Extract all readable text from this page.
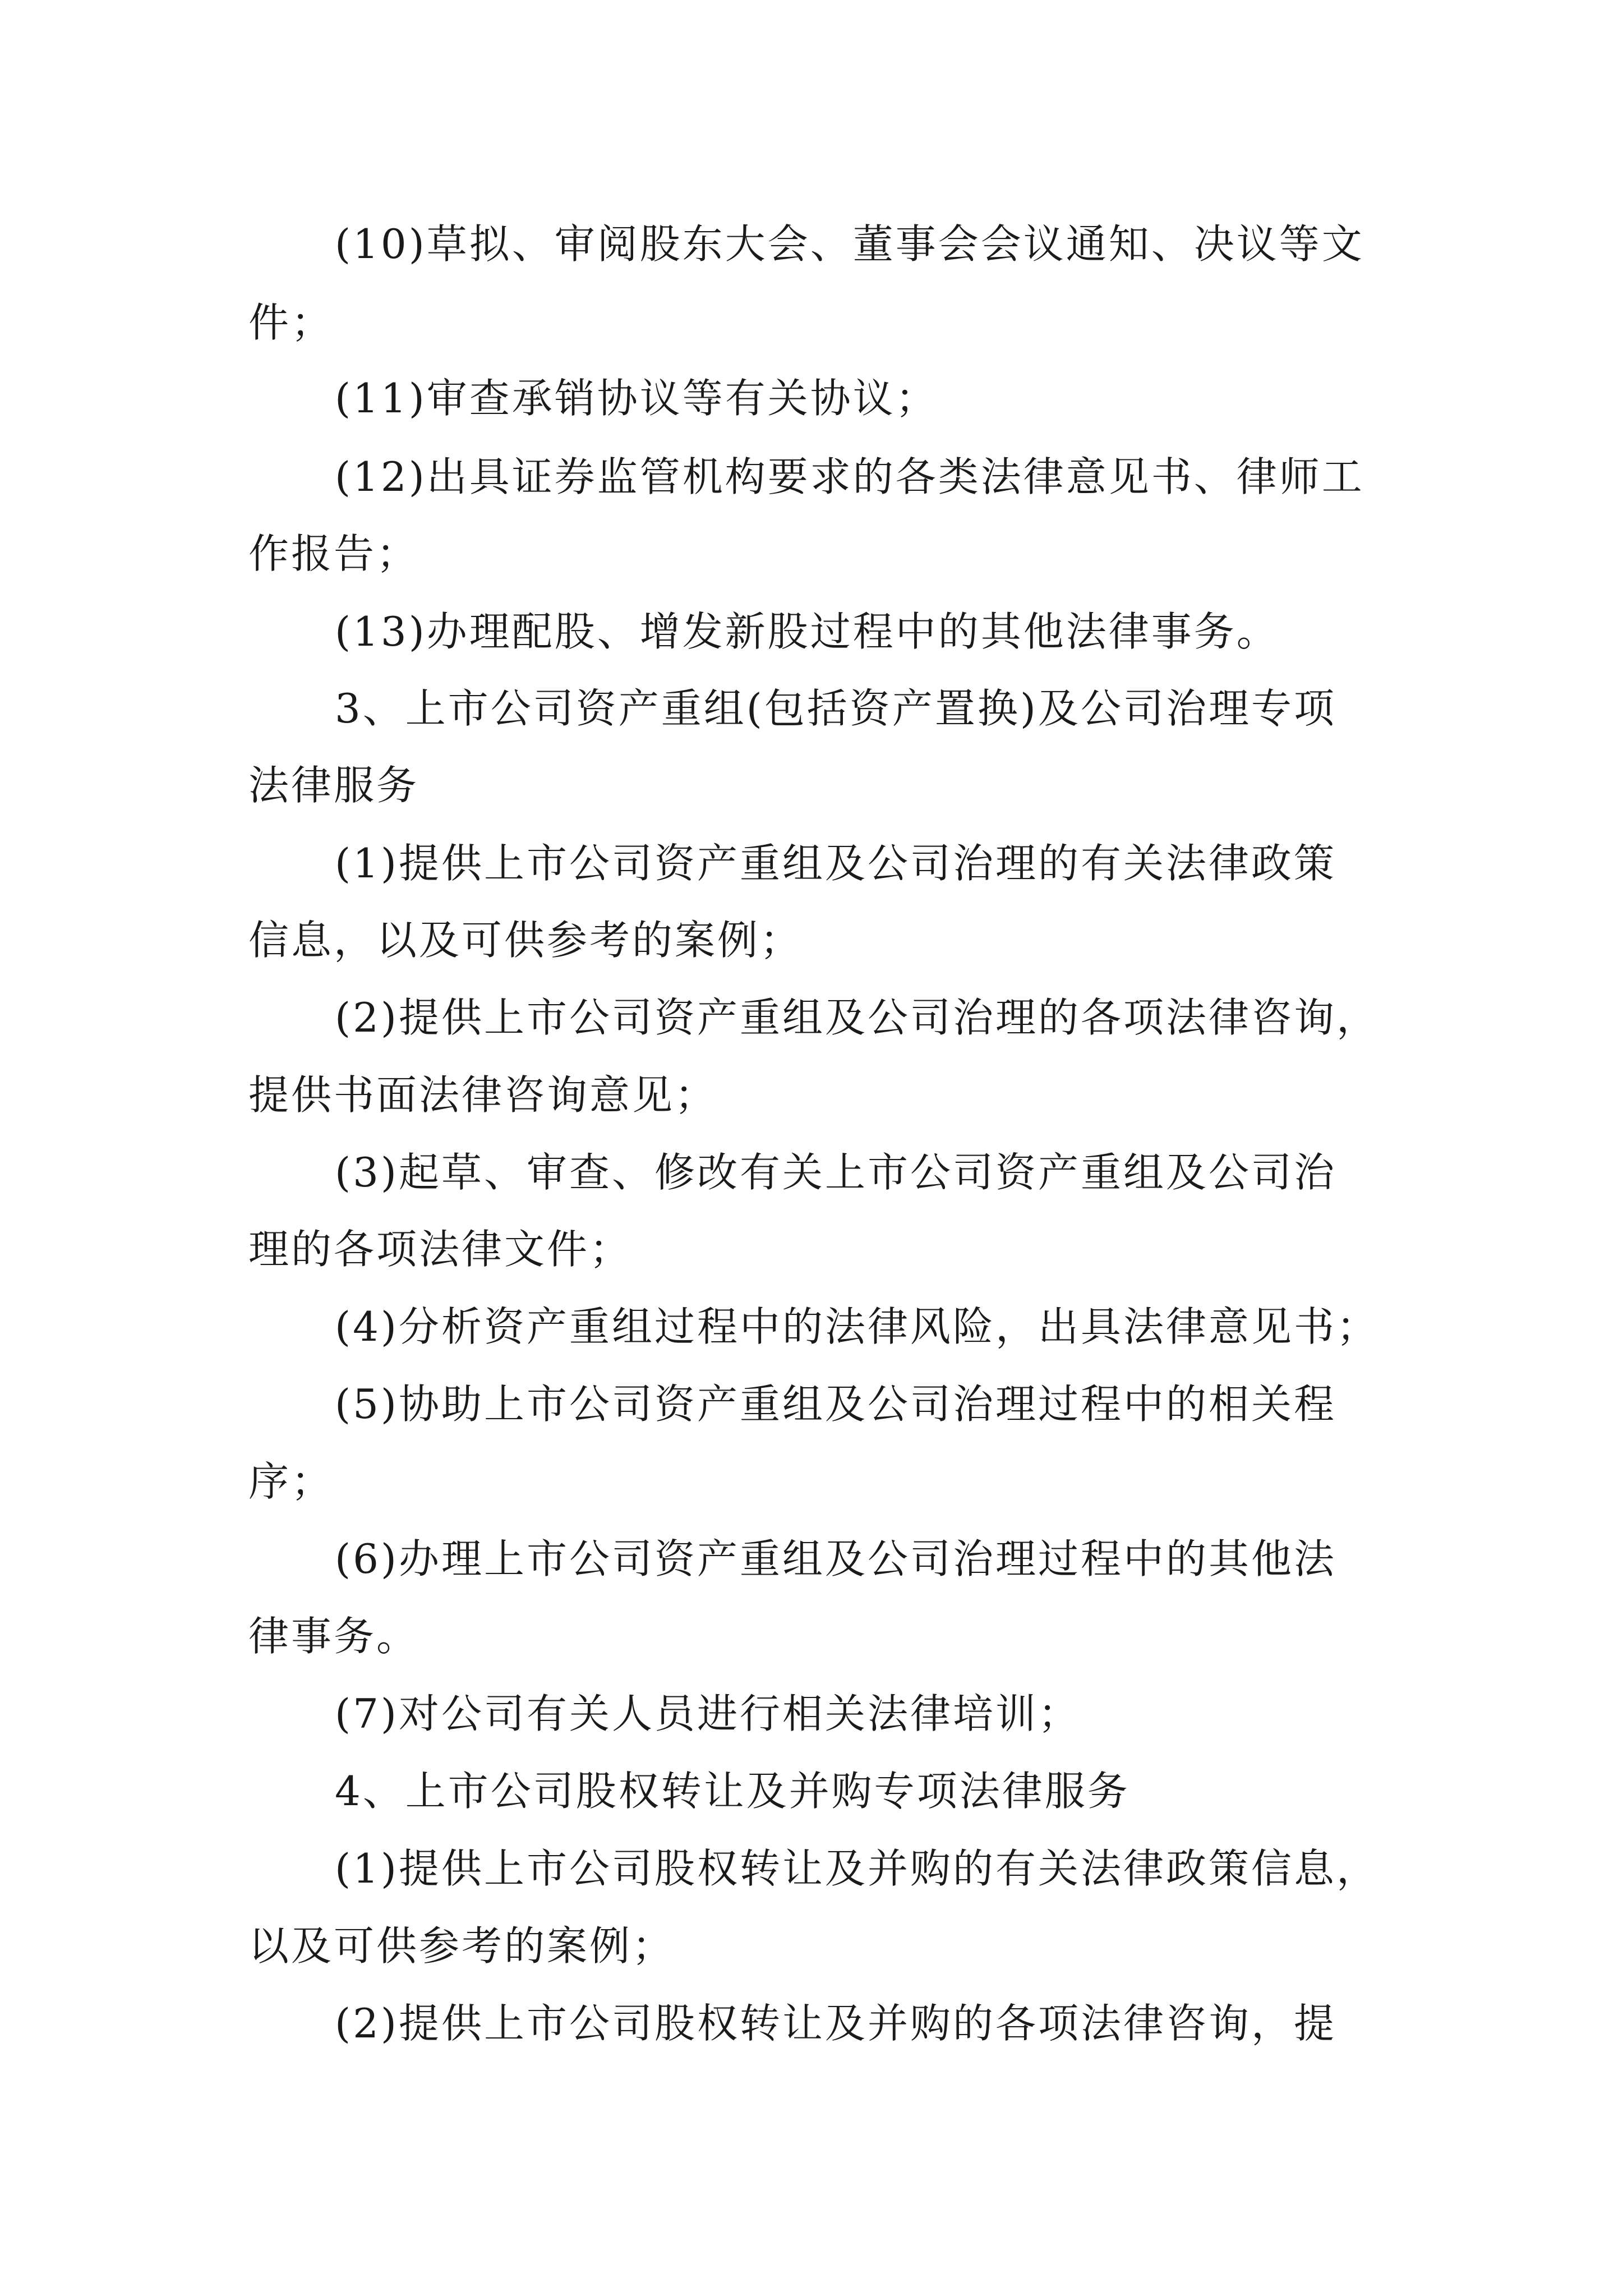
(10)草拟、审阅股东大会、董事会会议通知、决议等文

件；

(11)审查承销协议等有关协议；

(12)出具证券监管机构要求的各类法律意见书、律师工

作报告；

(13)办理配股、增发新股过程中的其他法律事务。

3、上市公司资产重组(包括资产置换)及公司治理专项

法律服务

(1)提供上市公司资产重组及公司治理的有关法律政策

信息，以及可供参考的案例；

(2)提供上市公司资产重组及公司治理的各项法律咨询，

提供书面法律咨询意见；

(3)起草、审查、修改有关上市公司资产重组及公司治

理的各项法律文件；

(4)分析资产重组过程中的法律风险，出具法律意见书；

(5)协助上市公司资产重组及公司治理过程中的相关程

序；

(6)办理上市公司资产重组及公司治理过程中的其他法

律事务。

(7)对公司有关人员进行相关法律培训；

4、上市公司股权转让及并购专项法律服务

(1)提供上市公司股权转让及并购的有关法律政策信息，

以及可供参考的案例；

(2)提供上市公司股权转让及并购的各项法律咨询，提
